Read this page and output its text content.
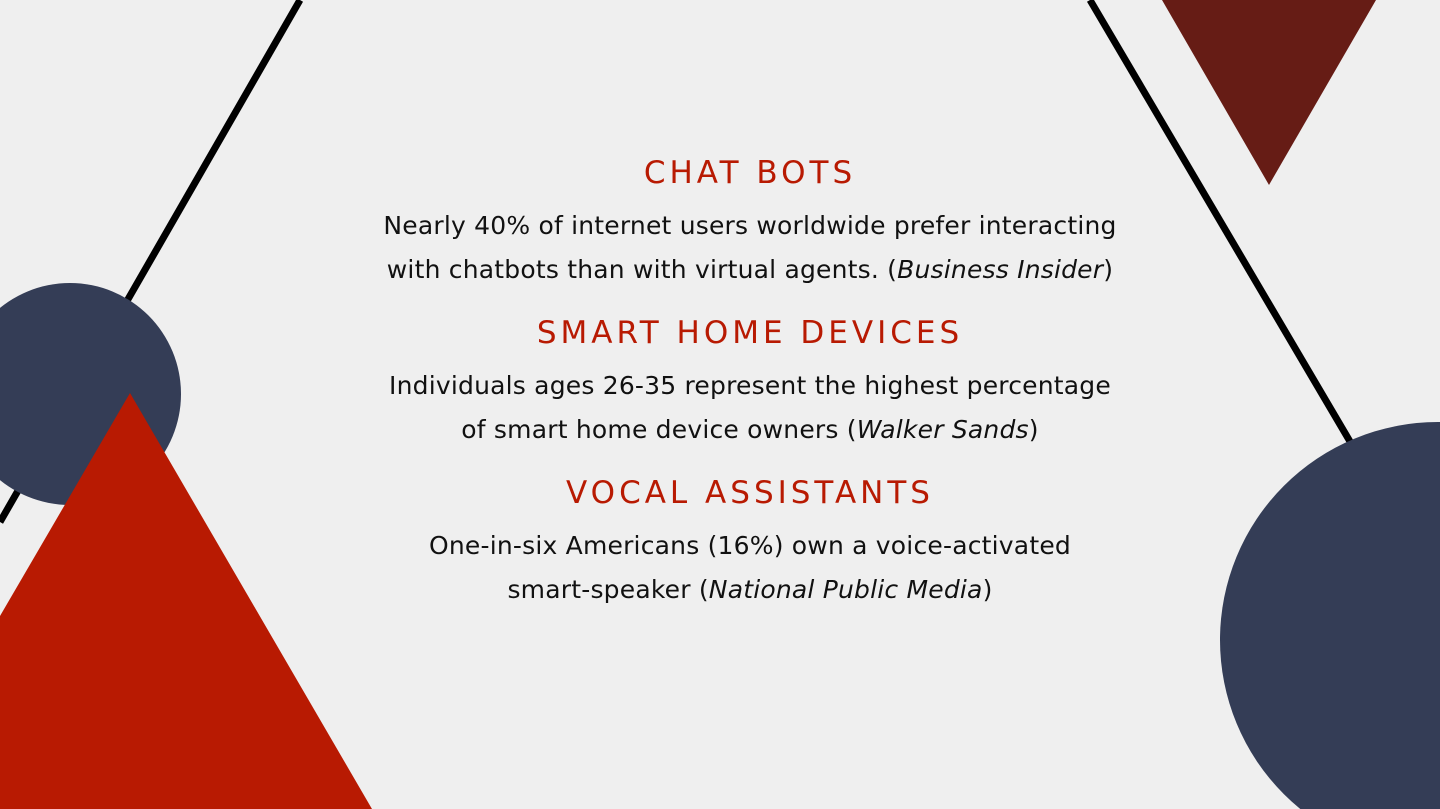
CHAT BOTS

Nearly 40% of internet users worldwide prefer interacting
with chatbots than with virtual agents. (Business Insider)

SMART HOME DEVICES

Individuals ages 26-35 represent the highest percentage
of smart home device owners (Walker Sands)

VOCAL ASSISTANTS

One-in-six Americans (16%) own a voice-activated
smart-speaker (National Public Media)
